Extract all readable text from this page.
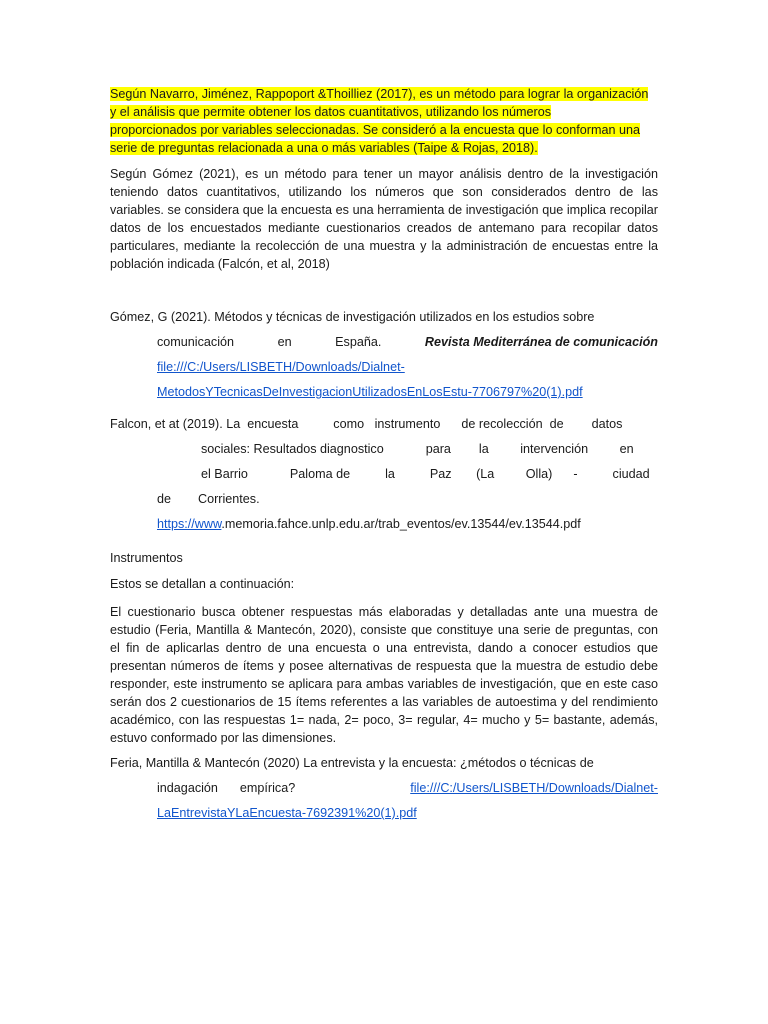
Según Navarro, Jiménez, Rappoport &Thoilliez (2017), es un método para lograr la organización
y el análisis que permite obtener los datos cuantitativos, utilizando los números
proporcionados por variables seleccionadas. Se consideró a la encuesta que lo conforman una
serie de preguntas relacionada a una o más variables (Taipe & Rojas, 2018).
Según Gómez (2021), es un método para tener un mayor análisis dentro de la investigación teniendo datos cuantitativos, utilizando los números que son considerados dentro de las variables. se considera que la encuesta es una herramienta de investigación que implica recopilar datos de los encuestados mediante cuestionarios creados de antemano para recopilar datos particulares, mediante la recolección de una muestra y la administración de encuestas entre la población indicada (Falcón, et al, 2018)
Gómez, G (2021). Métodos y técnicas de investigación utilizados en los estudios sobre
comunicación	en	España.	Revista Mediterránea de comunicación
file:///C:/Users/LISBETH/Downloads/Dialnet-
MetodosYTecnicasDeInvestigacionUtilizadosEnLosEstu-7706797%20(1).pdf
Falcon, et at (2019). La  encuesta          como   instrumento      de recolección  de        datos
sociales: Resultados diagnostico            para        la         intervención         en
el Barrio            Paloma de          la          Paz       (La         Olla)      -          ciudad
de Corrientes.
https://www.memoria.fahce.unlp.edu.ar/trab_eventos/ev.13544/ev.13544.pdf
Instrumentos
Estos se detallan a continuación:
El cuestionario busca obtener respuestas más elaboradas y detalladas ante una muestra de estudio (Feria, Mantilla & Mantecón, 2020), consiste que constituye una serie de preguntas, con el fin de aplicarlas dentro de una encuesta o una entrevista, dando a conocer estudios que presentan números de ítems y posee alternativas de respuesta que la muestra de estudio debe responder, este instrumento se aplicara para ambas variables de investigación, que en este caso serán dos 2 cuestionarios de 15 ítems referentes a las variables de autoestima y del rendimiento académico, con las respuestas 1= nada, 2= poco, 3= regular, 4= mucho y 5= bastante, además, estuvo conformado por las dimensiones.
Feria, Mantilla & Mantecón (2020) La entrevista y la encuesta: ¿métodos o técnicas de
indagación empírica?	file:///C:/Users/LISBETH/Downloads/Dialnet-
LaEntrevistaYLaEncuesta-7692391%20(1).pdf
